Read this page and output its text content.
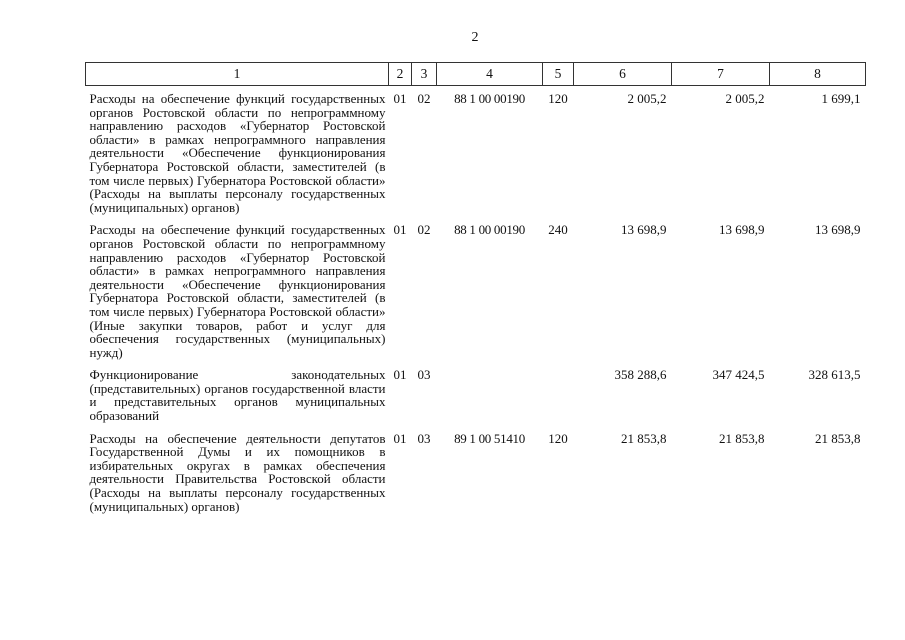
2
1	2	3	4	5	6	7	8
Расходы на обеспечение функций государственных органов Ростовской области по непрограммному направлению расходов «Губернатор Ростовской области» в рамках непрограммного направления деятельности «Обеспечение функционирования Губернатора Ростовской области, заместителей (в том числе первых) Губернатора Ростовской области» (Расходы на выплаты персоналу государственных (муниципальных) органов)	01	02	88 1 00 00190	120	2 005,2	2 005,2	1 699,1
Расходы на обеспечение функций государственных органов Ростовской области по непрограммному направлению расходов «Губернатор Ростовской области» в рамках непрограммного направления деятельности «Обеспечение функционирования Губернатора Ростовской области, заместителей (в том числе первых) Губернатора Ростовской области» (Иные закупки товаров, работ и услуг для обеспечения государственных (муниципальных) нужд)	01	02	88 1 00 00190	240	13 698,9	13 698,9	13 698,9
Функционирование законодательных (представительных) органов государственной власти и представительных органов муниципальных образований	01	03			358 288,6	347 424,5	328 613,5
Расходы на обеспечение деятельности депутатов Государственной Думы и их помощников в избирательных округах в рамках обеспечения деятельности Правительства Ростовской области (Расходы на выплаты персоналу государственных (муниципальных) органов)	01	03	89 1 00 51410	120	21 853,8	21 853,8	21 853,8
